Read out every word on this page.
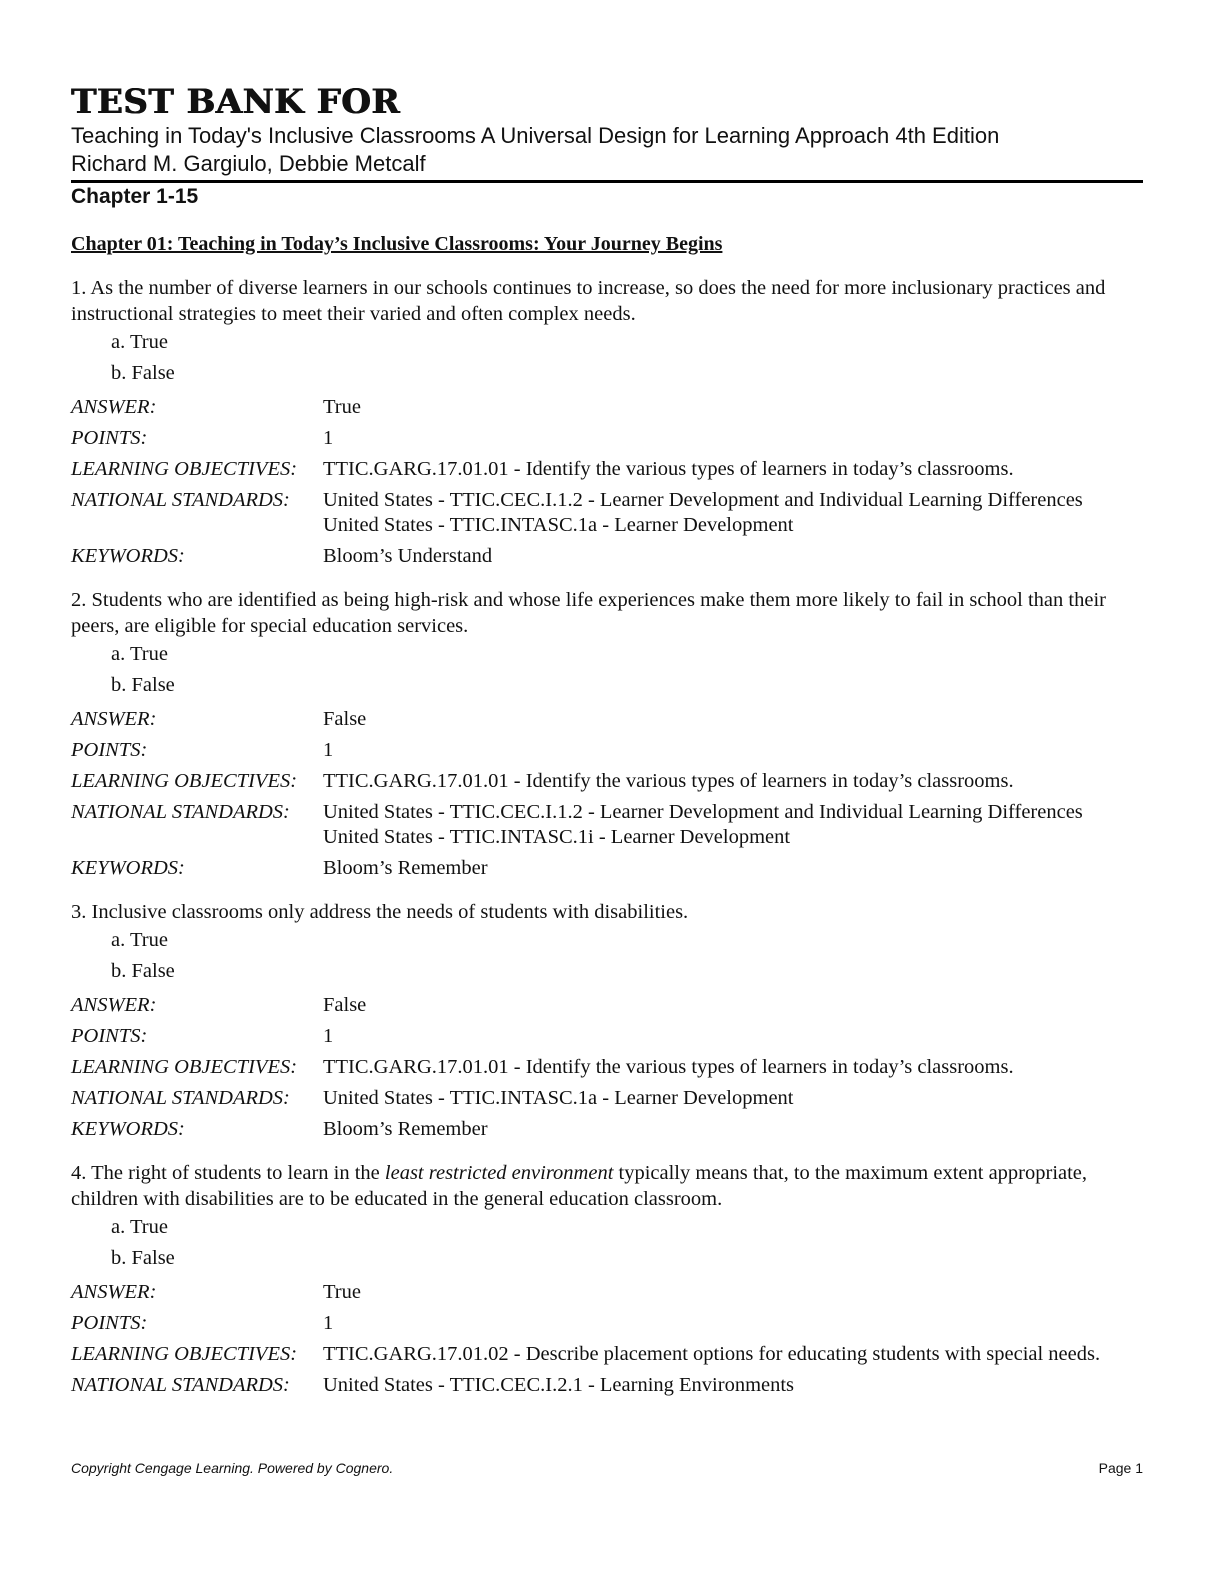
TEST BANK FOR
Teaching in Today's Inclusive Classrooms A Universal Design for Learning Approach 4th Edition
Richard M. Gargiulo, Debbie Metcalf
Chapter 1-15
Chapter 01: Teaching in Today’s Inclusive Classrooms: Your Journey Begins
1. As the number of diverse learners in our schools continues to increase, so does the need for more inclusionary practices and instructional strategies to meet their varied and often complex needs.
a. True
b. False
ANSWER:	True
POINTS:	1
LEARNING OBJECTIVES:	TTIC.GARG.17.01.01 - Identify the various types of learners in today’s classrooms.
NATIONAL STANDARDS:	United States - TTIC.CEC.I.1.2 - Learner Development and Individual Learning Differences
United States - TTIC.INTASC.1a - Learner Development
KEYWORDS:	Bloom’s Understand
2. Students who are identified as being high-risk and whose life experiences make them more likely to fail in school than their peers, are eligible for special education services.
a. True
b. False
ANSWER:	False
POINTS:	1
LEARNING OBJECTIVES:	TTIC.GARG.17.01.01 - Identify the various types of learners in today’s classrooms.
NATIONAL STANDARDS:	United States - TTIC.CEC.I.1.2 - Learner Development and Individual Learning Differences
United States - TTIC.INTASC.1i - Learner Development
KEYWORDS:	Bloom’s Remember
3. Inclusive classrooms only address the needs of students with disabilities.
a. True
b. False
ANSWER:	False
POINTS:	1
LEARNING OBJECTIVES:	TTIC.GARG.17.01.01 - Identify the various types of learners in today’s classrooms.
NATIONAL STANDARDS:	United States - TTIC.INTASC.1a - Learner Development
KEYWORDS:	Bloom’s Remember
4. The right of students to learn in the least restricted environment typically means that, to the maximum extent appropriate, children with disabilities are to be educated in the general education classroom.
a. True
b. False
ANSWER:	True
POINTS:	1
LEARNING OBJECTIVES:	TTIC.GARG.17.01.02 - Describe placement options for educating students with special needs.
NATIONAL STANDARDS:	United States - TTIC.CEC.I.2.1 - Learning Environments
Copyright Cengage Learning. Powered by Cognero.	Page 1
